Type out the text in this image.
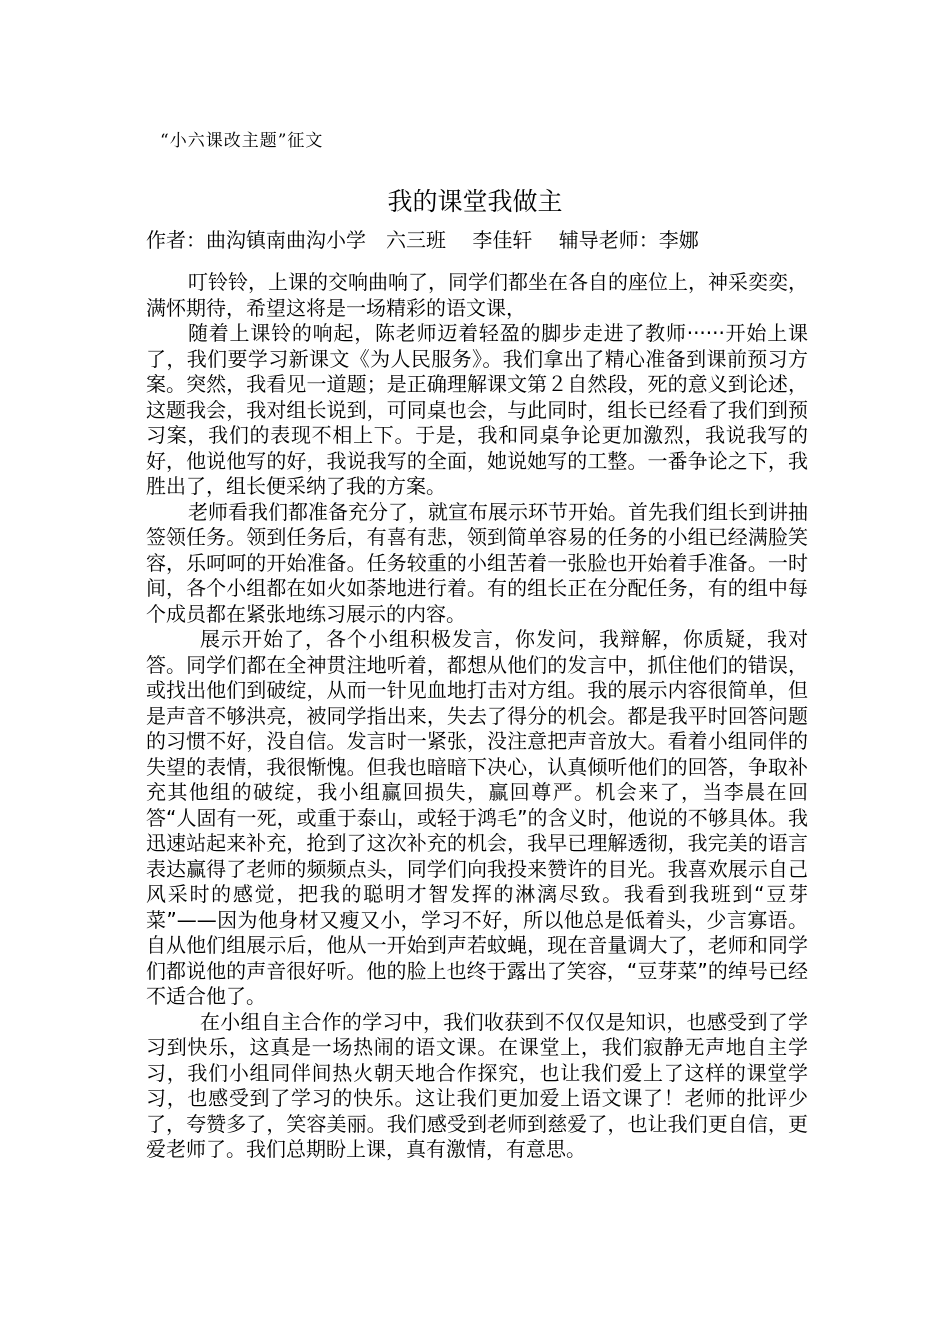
“小六课改主题”征文
我的课堂我做主
作者：曲沟镇南曲沟小学　六三班　 李佳轩　 辅导老师：李娜

叮铃铃，上课的交响曲响了，同学们都坐在各自的座位上，神采奕奕，满怀期待，希望这将是一场精彩的语文课，

随着上课铃的响起，陈老师迈着轻盈的脚步走进了教师······开始上课了，我们要学习新课文《为人民服务》。我们拿出了精心准备到课前预习方案。突然，我看见一道题；是正确理解课文第２自然段，死的意义到论述， 这题我会，我对组长说到，可同桌也会，与此同时，组长已经看了我们到预习案，我们的表现不相上下。于是，我和同桌争论更加激烈，我说我写的好，他说他写的好，我说我写的全面，她说她写的工整。一番争论之下，我胜出了，组长便采纳了我的方案。

老师看我们都准备充分了，就宣布展示环节开始。首先我们组长到讲抽签领任务。领到任务后，有喜有悲，领到简单容易的任务的小组已经满脸笑容，乐呵呵的开始准备。任务较重的小组苦着一张脸也开始着手准备。一时间，各个小组都在如火如荼地进行着。有的组长正在分配任务，有的组中每个成员都在紧张地练习展示的内容。

展示开始了，各个小组积极发言，你发问，我辩解，你质疑，我对答。同学们都在全神贯注地听着，都想从他们的发言中，抓住他们的错误，或找出他们到破绽，从而一针见血地打击对方组。我的展示内容很简单，但是声音不够洪亮，被同学指出来，失去了得分的机会。都是我平时回答问题的习惯不好，没自信。发言时一紧张，没注意把声音放大。看着小组同伴的失望的表情，我很惭愧。但我也暗暗下决心，认真倾听他们的回答，争取补充其他组的破绽，我小组赢回损失，赢回尊严。机会来了，当李晨在回答“人固有一死，或重于泰山，或轻于鸿毛”的含义时，他说的不够具体。我迅速站起来补充，抢到了这次补充的机会，我早已理解透彻，我完美的语言表达赢得了老师的频频点头，同学们向我投来赞许的目光。我喜欢展示自己风采时的感觉，把我的聪明才智发挥的淋漓尽致。我看到我班到“豆芽菜”——因为他身材又瘦又小，学习不好，所以他总是低着头，少言寡语。自从他们组展示后，他从一开始到声若蚊蝇，现在音量调大了，老师和同学们都说他的声音很好听。他的脸上也终于露出了笑容，“豆芽菜”的绰号已经不适合他了。

在小组自主合作的学习中，我们收获到不仅仅是知识，也感受到了学习到快乐，这真是一场热闹的语文课。在课堂上，我们寂静无声地自主学习，我们小组同伴间热火朝天地合作探究，也让我们爱上了这样的课堂学习，也感受到了学习的快乐。这让我们更加爱上语文课了！老师的批评少了，夸赞多了，笑容美丽。我们感受到老师到慈爱了，也让我们更自信，更爱老师了。我们总期盼上课，真有激情，有意思。
